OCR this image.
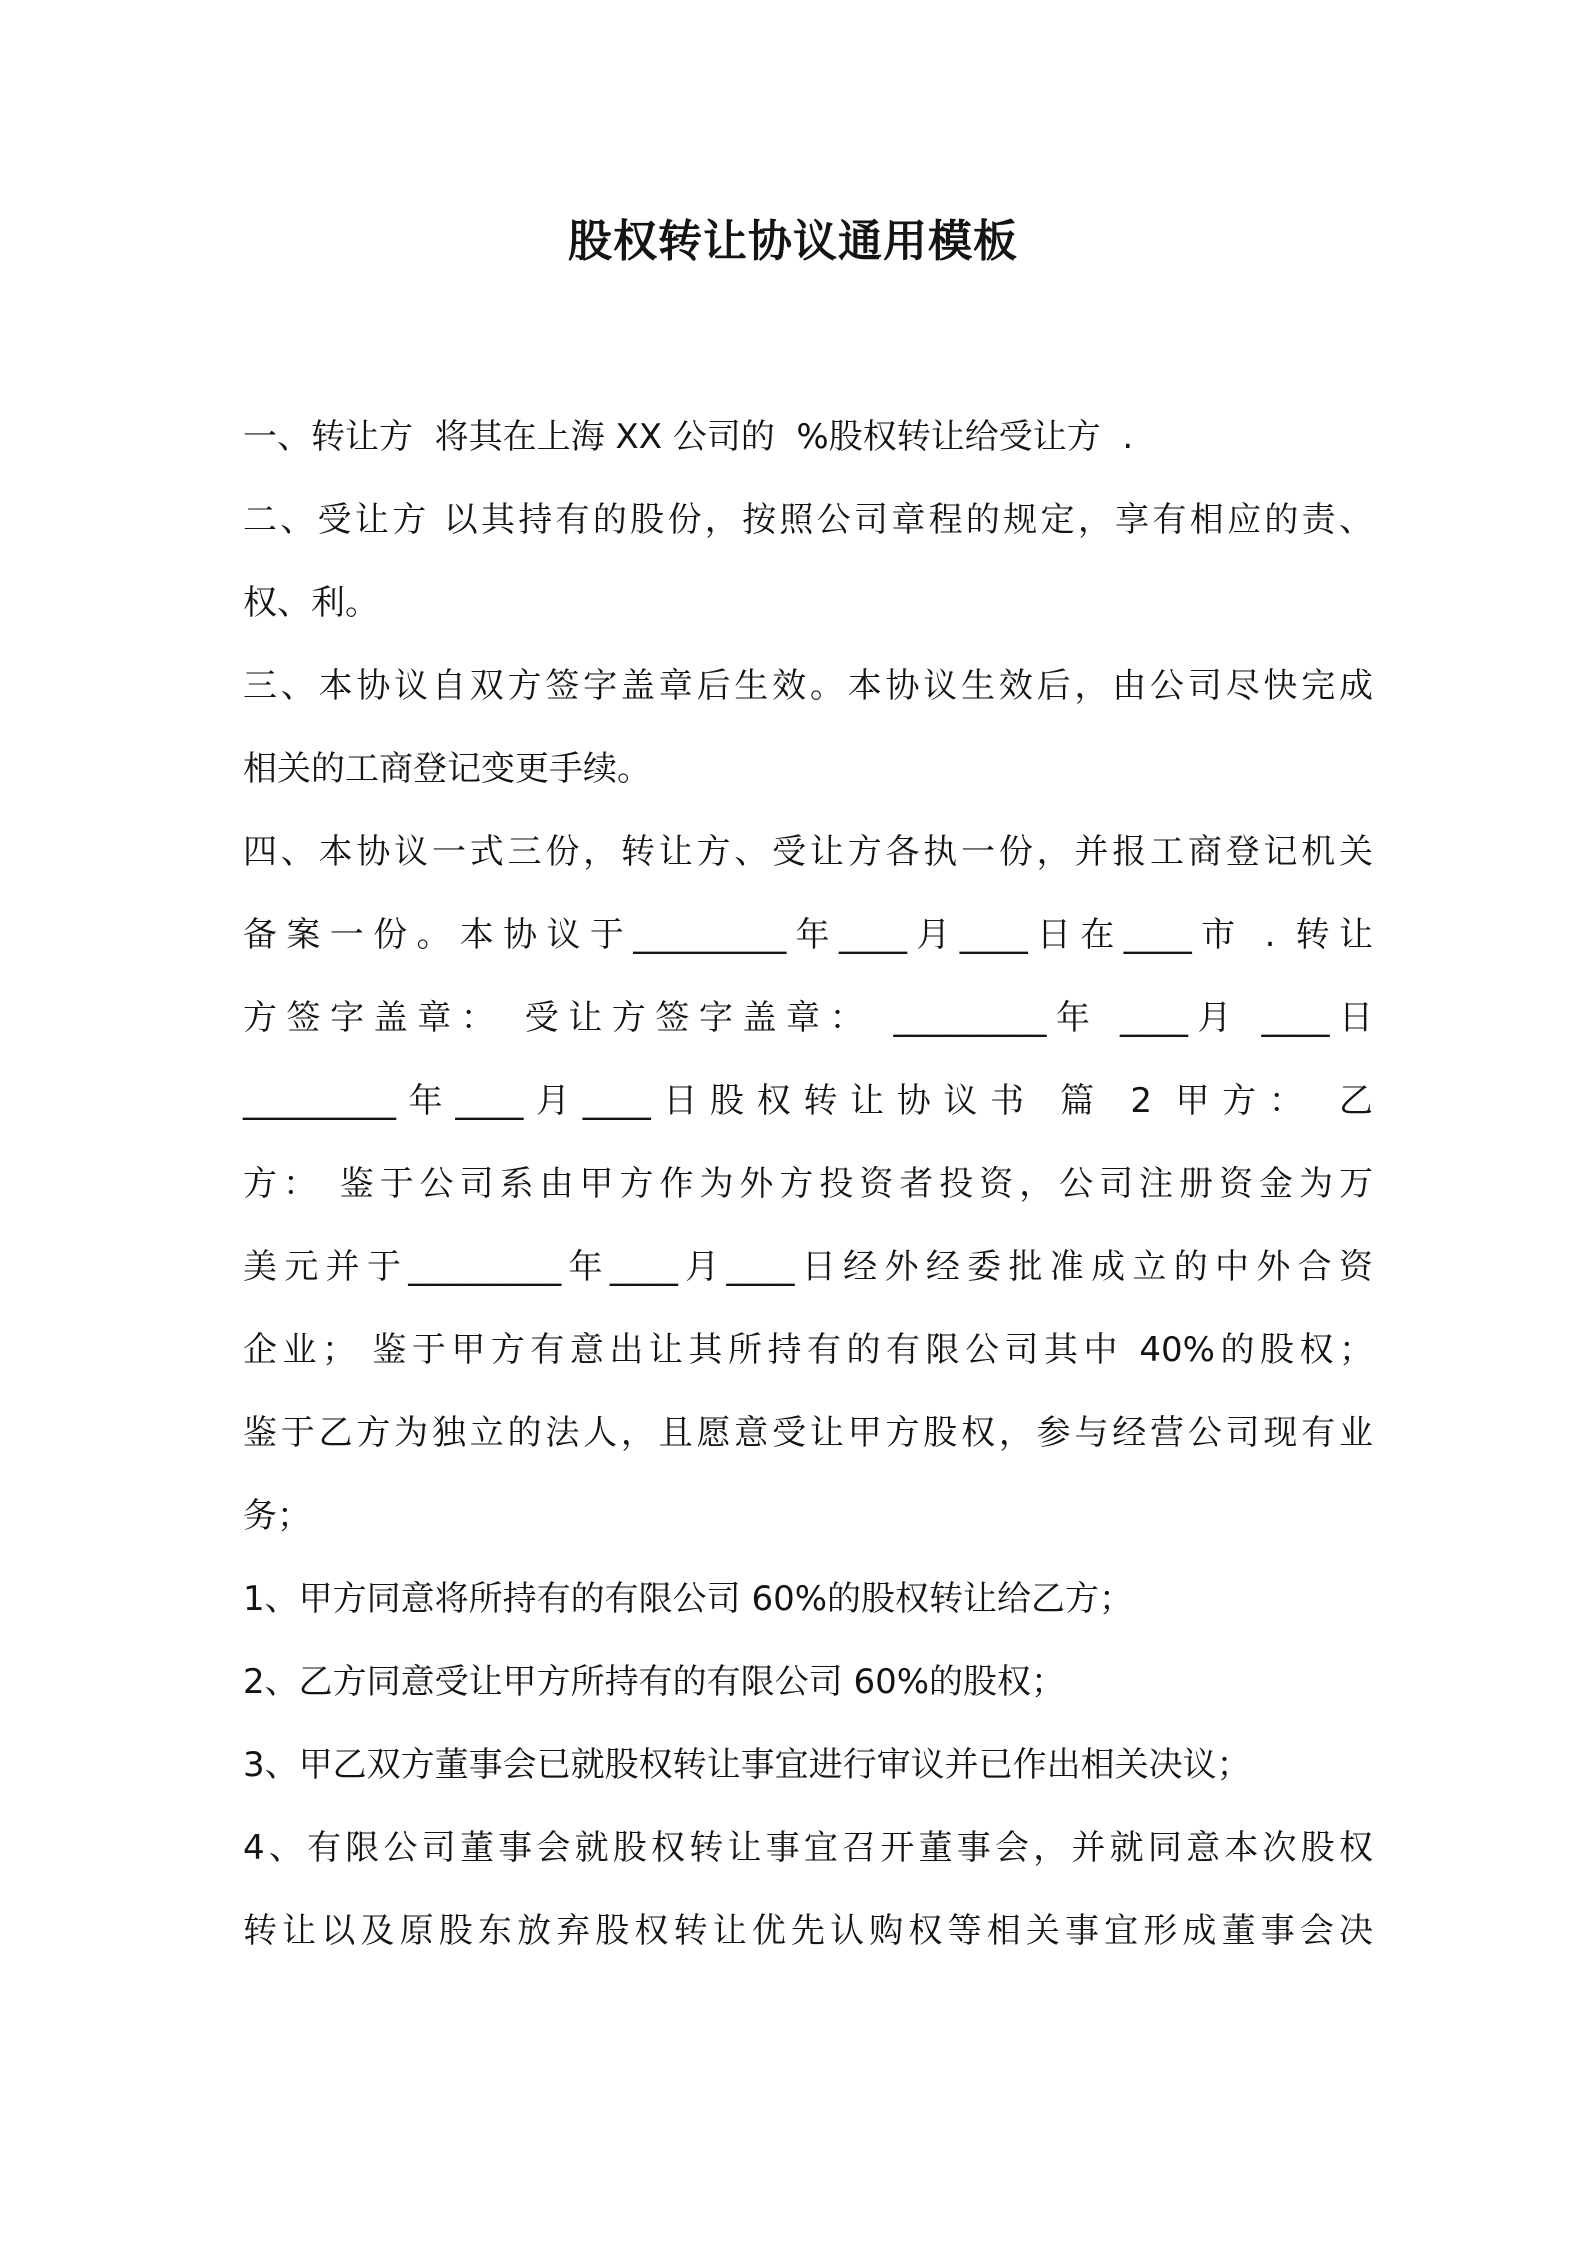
股权转让协议通用模板
一、转让方  将其在上海 XX 公司的  %股权转让给受让方  .
二、受让方 以其持有的股份，按照公司章程的规定，享有相应的责、
权、利。
三、本协议自双方签字盖章后生效。本协议生效后，由公司尽快完成
相关的工商登记变更手续。
四、本协议一式三份，转让方、受让方各执一份，并报工商登记机关
备案一份。本协议于_________年____月____日在____市 . 转让
方签字盖章： 受让方签字盖章： _________年 ____月 ____日
_________年____月____日股权转让协议书 篇 2 甲方： 乙
方： 鉴于公司系由甲方作为外方投资者投资，公司注册资金为万
美元并于_________年____月____日经外经委批准成立的中外合资
企业； 鉴于甲方有意出让其所持有的有限公司其中 40%的股权；
鉴于乙方为独立的法人，且愿意受让甲方股权，参与经营公司现有业
务；
1、甲方同意将所持有的有限公司 60%的股权转让给乙方；
2、乙方同意受让甲方所持有的有限公司 60%的股权；
3、甲乙双方董事会已就股权转让事宜进行审议并已作出相关决议；
4、有限公司董事会就股权转让事宜召开董事会，并就同意本次股权
转让以及原股东放弃股权转让优先认购权等相关事宜形成董事会决
